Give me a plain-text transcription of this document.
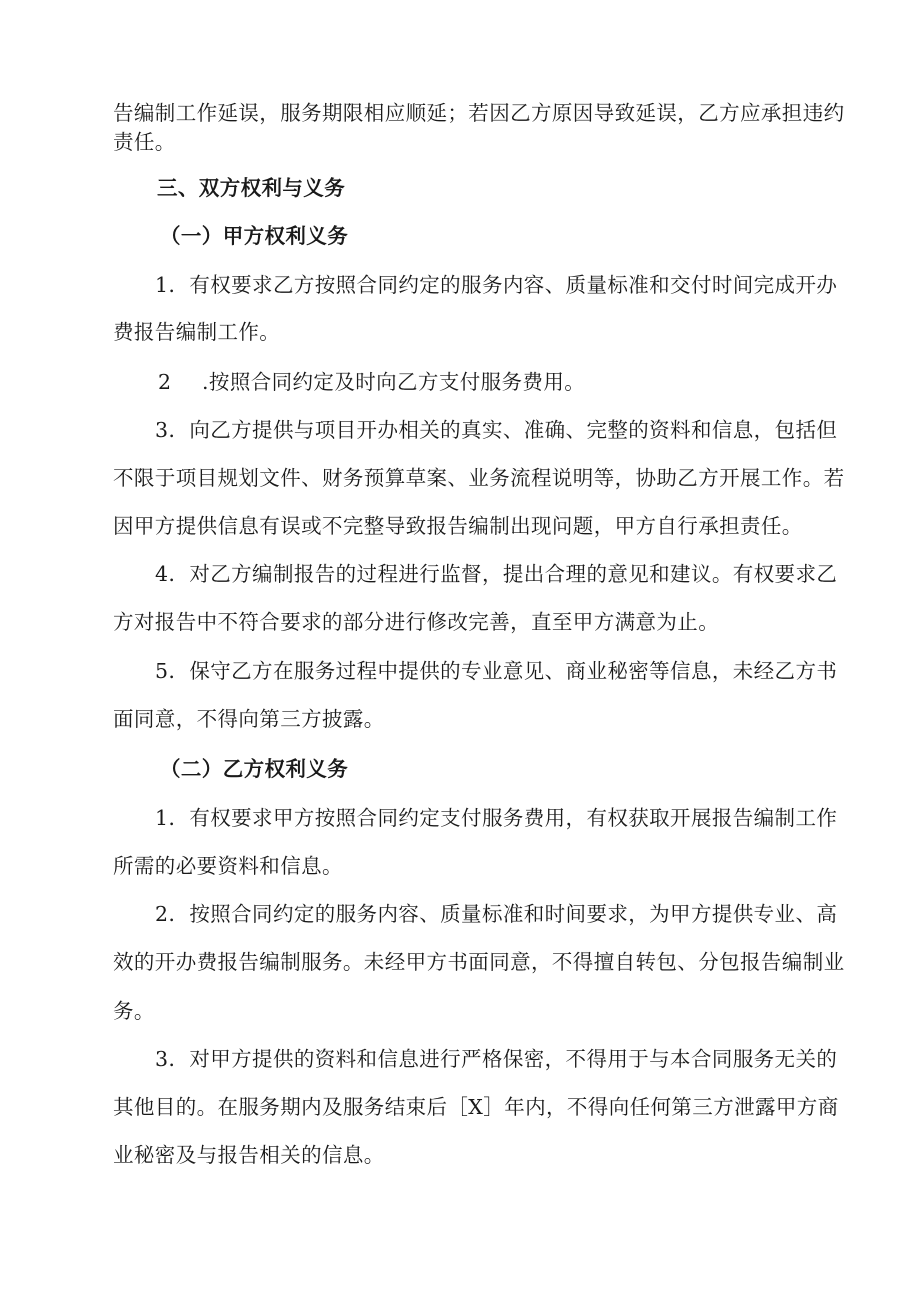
告编制工作延误，服务期限相应顺延；若因乙方原因导致延误，乙方应承担违约
责任。
三、双方权利与义务
（一）甲方权利义务
1．有权要求乙方按照合同约定的服务内容、质量标准和交付时间完成开办
费报告编制工作。
2 .按照合同约定及时向乙方支付服务费用。
3．向乙方提供与项目开办相关的真实、准确、完整的资料和信息，包括但
不限于项目规划文件、财务预算草案、业务流程说明等，协助乙方开展工作。若
因甲方提供信息有误或不完整导致报告编制出现问题，甲方自行承担责任。
4．对乙方编制报告的过程进行监督，提出合理的意见和建议。有权要求乙
方对报告中不符合要求的部分进行修改完善，直至甲方满意为止。
5．保守乙方在服务过程中提供的专业意见、商业秘密等信息，未经乙方书
面同意，不得向第三方披露。
（二）乙方权利义务
1．有权要求甲方按照合同约定支付服务费用，有权获取开展报告编制工作
所需的必要资料和信息。
2．按照合同约定的服务内容、质量标准和时间要求，为甲方提供专业、高
效的开办费报告编制服务。未经甲方书面同意，不得擅自转包、分包报告编制业
务。
3．对甲方提供的资料和信息进行严格保密，不得用于与本合同服务无关的
其他目的。在服务期内及服务结束后［X］年内，不得向任何第三方泄露甲方商
业秘密及与报告相关的信息。
